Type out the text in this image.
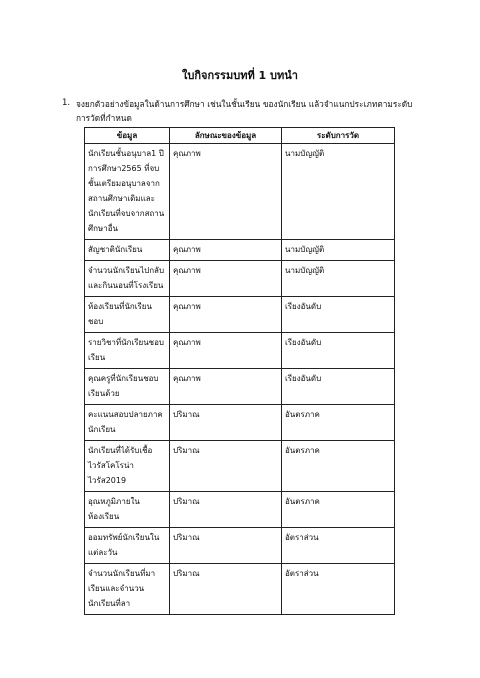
ใบกิจกรรมบทที่ 1 บทนำ
1. จงยกตัวอย่างข้อมูลในด้านการศึกษา เช่นในชั้นเรียน ของนักเรียน แล้วจำแนกประเภทตามระดับการวัดที่กำหนด
ข้อมูล	ลักษณะของข้อมูล	ระดับการวัด
นักเรียนชั้นอนุบาล1 ปีการศึกษา2565 ที่จบชั้นเตรียมอนุบาลจากสถานศึกษาเดิมและนักเรียนที่จบจากสถานศึกษาอื่น	คุณภาพ	นามบัญญัติ
สัญชาตินักเรียน	คุณภาพ	นามบัญญัติ
จำนวนนักเรียนไปกลับและกินนอนที่โรงเรียน	คุณภาพ	นามบัญญัติ
ห้องเรียนที่นักเรียนชอบ	คุณภาพ	เรียงอันดับ
รายวิชาที่นักเรียนชอบเรียน	คุณภาพ	เรียงอันดับ
คุณครูที่นักเรียนชอบเรียนด้วย	คุณภาพ	เรียงอันดับ
คะแนนสอบปลายภาคนักเรียน	ปริมาณ	อันตรภาค
นักเรียนที่ได้รับเชื้อไวรัสโคโรน่าไวรัส2019	ปริมาณ	อันตรภาค
อุณหภูมิภายในห้องเรียน	ปริมาณ	อันตรภาค
ออมทรัพย์นักเรียนในแต่ละวัน	ปริมาณ	อัตราส่วน
จำนวนนักเรียนที่มาเรียนและจำนวนนักเรียนที่ลา	ปริมาณ	อัตราส่วน
